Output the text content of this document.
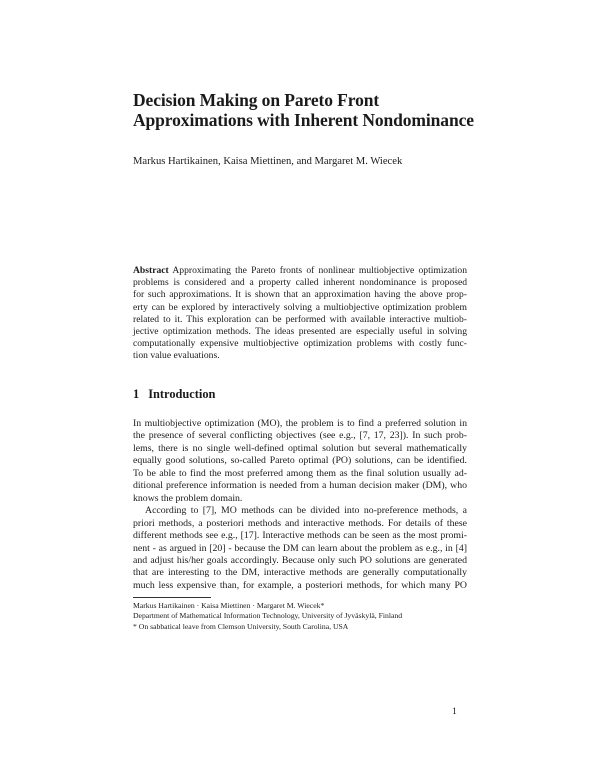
Decision Making on Pareto Front
Approximations with Inherent Nondominance
Markus Hartikainen, Kaisa Miettinen, and Margaret M. Wiecek
Abstract Approximating the Pareto fronts of nonlinear multiobjective optimization
problems is considered and a property called inherent nondominance is proposed
for such approximations. It is shown that an approximation having the above prop-
erty can be explored by interactively solving a multiobjective optimization problem
related to it. This exploration can be performed with available interactive multiob-
jective optimization methods. The ideas presented are especially useful in solving
computationally expensive multiobjective optimization problems with costly func-
tion value evaluations.
1 Introduction
In multiobjective optimization (MO), the problem is to find a preferred solution in
the presence of several conflicting objectives (see e.g., [7, 17, 23]). In such prob-
lems, there is no single well-defined optimal solution but several mathematically
equally good solutions, so-called Pareto optimal (PO) solutions, can be identified.
To be able to find the most preferred among them as the final solution usually ad-
ditional preference information is needed from a human decision maker (DM), who
knows the problem domain.
According to [7], MO methods can be divided into no-preference methods, a
priori methods, a posteriori methods and interactive methods. For details of these
different methods see e.g., [17]. Interactive methods can be seen as the most promi-
nent - as argued in [20] - because the DM can learn about the problem as e.g., in [4]
and adjust his/her goals accordingly. Because only such PO solutions are generated
that are interesting to the DM, interactive methods are generally computationally
much less expensive than, for example, a posteriori methods, for which many PO
Markus Hartikainen · Kaisa Miettinen · Margaret M. Wiecek*
Department of Mathematical Information Technology, University of Jyväskylä, Finland
* On sabbatical leave from Clemson University, South Carolina, USA
1
